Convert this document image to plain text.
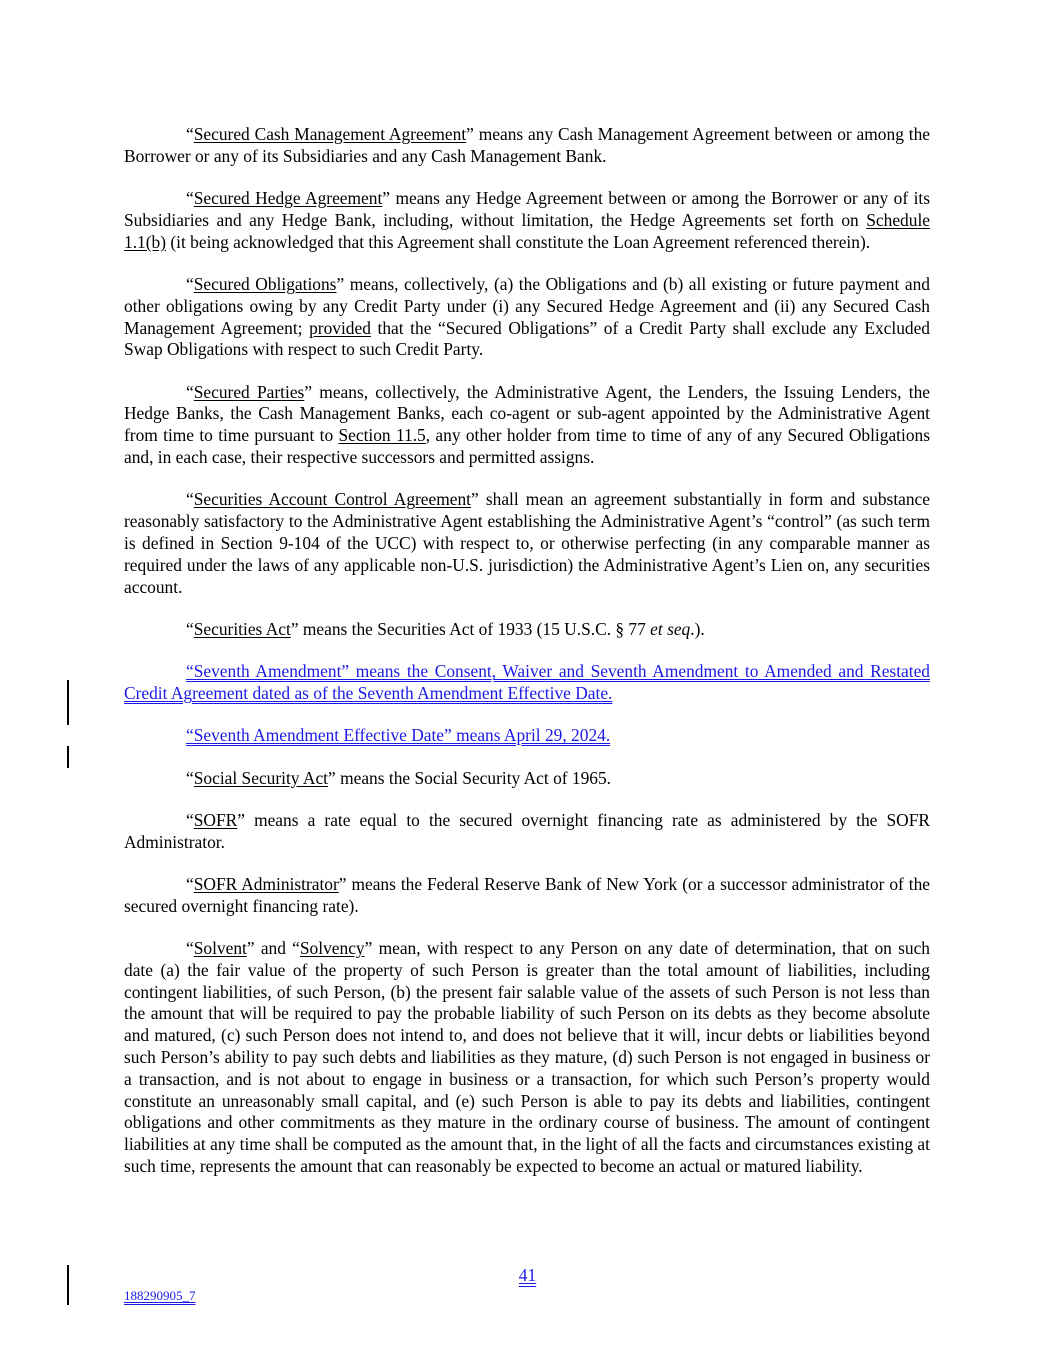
“Secured Cash Management Agreement” means any Cash Management Agreement between or among the Borrower or any of its Subsidiaries and any Cash Management Bank.

“Secured Hedge Agreement” means any Hedge Agreement between or among the Borrower or any of its Subsidiaries and any Hedge Bank, including, without limitation, the Hedge Agreements set forth on Schedule 1.1(b) (it being acknowledged that this Agreement shall constitute the Loan Agreement referenced therein).

“Secured Obligations” means, collectively, (a) the Obligations and (b) all existing or future payment and other obligations owing by any Credit Party under (i) any Secured Hedge Agreement and (ii) any Secured Cash Management Agreement; provided that the “Secured Obligations” of a Credit Party shall exclude any Excluded Swap Obligations with respect to such Credit Party.

“Secured Parties” means, collectively, the Administrative Agent, the Lenders, the Issuing Lenders, the Hedge Banks, the Cash Management Banks, each co-agent or sub-agent appointed by the Administrative Agent from time to time pursuant to Section 11.5, any other holder from time to time of any of any Secured Obligations and, in each case, their respective successors and permitted assigns.

“Securities Account Control Agreement” shall mean an agreement substantially in form and substance reasonably satisfactory to the Administrative Agent establishing the Administrative Agent’s “control” (as such term is defined in Section 9-104 of the UCC) with respect to, or otherwise perfecting (in any comparable manner as required under the laws of any applicable non-U.S. jurisdiction) the Administrative Agent’s Lien on, any securities account.

“Securities Act” means the Securities Act of 1933 (15 U.S.C. § 77 et seq.).

“Seventh Amendment” means the Consent, Waiver and Seventh Amendment to Amended and Restated Credit Agreement dated as of the Seventh Amendment Effective Date.

“Seventh Amendment Effective Date” means April 29, 2024.

“Social Security Act” means the Social Security Act of 1965.

“SOFR” means a rate equal to the secured overnight financing rate as administered by the SOFR Administrator.

“SOFR Administrator” means the Federal Reserve Bank of New York (or a successor administrator of the secured overnight financing rate).

“Solvent” and “Solvency” mean, with respect to any Person on any date of determination, that on such date (a) the fair value of the property of such Person is greater than the total amount of liabilities, including contingent liabilities, of such Person, (b) the present fair salable value of the assets of such Person is not less than the amount that will be required to pay the probable liability of such Person on its debts as they become absolute and matured, (c) such Person does not intend to, and does not believe that it will, incur debts or liabilities beyond such Person’s ability to pay such debts and liabilities as they mature, (d) such Person is not engaged in business or a transaction, and is not about to engage in business or a transaction, for which such Person’s property would constitute an unreasonably small capital, and (e) such Person is able to pay its debts and liabilities, contingent obligations and other commitments as they mature in the ordinary course of business. The amount of contingent liabilities at any time shall be computed as the amount that, in the light of all the facts and circumstances existing at such time, represents the amount that can reasonably be expected to become an actual or matured liability.

41
188290905_7
